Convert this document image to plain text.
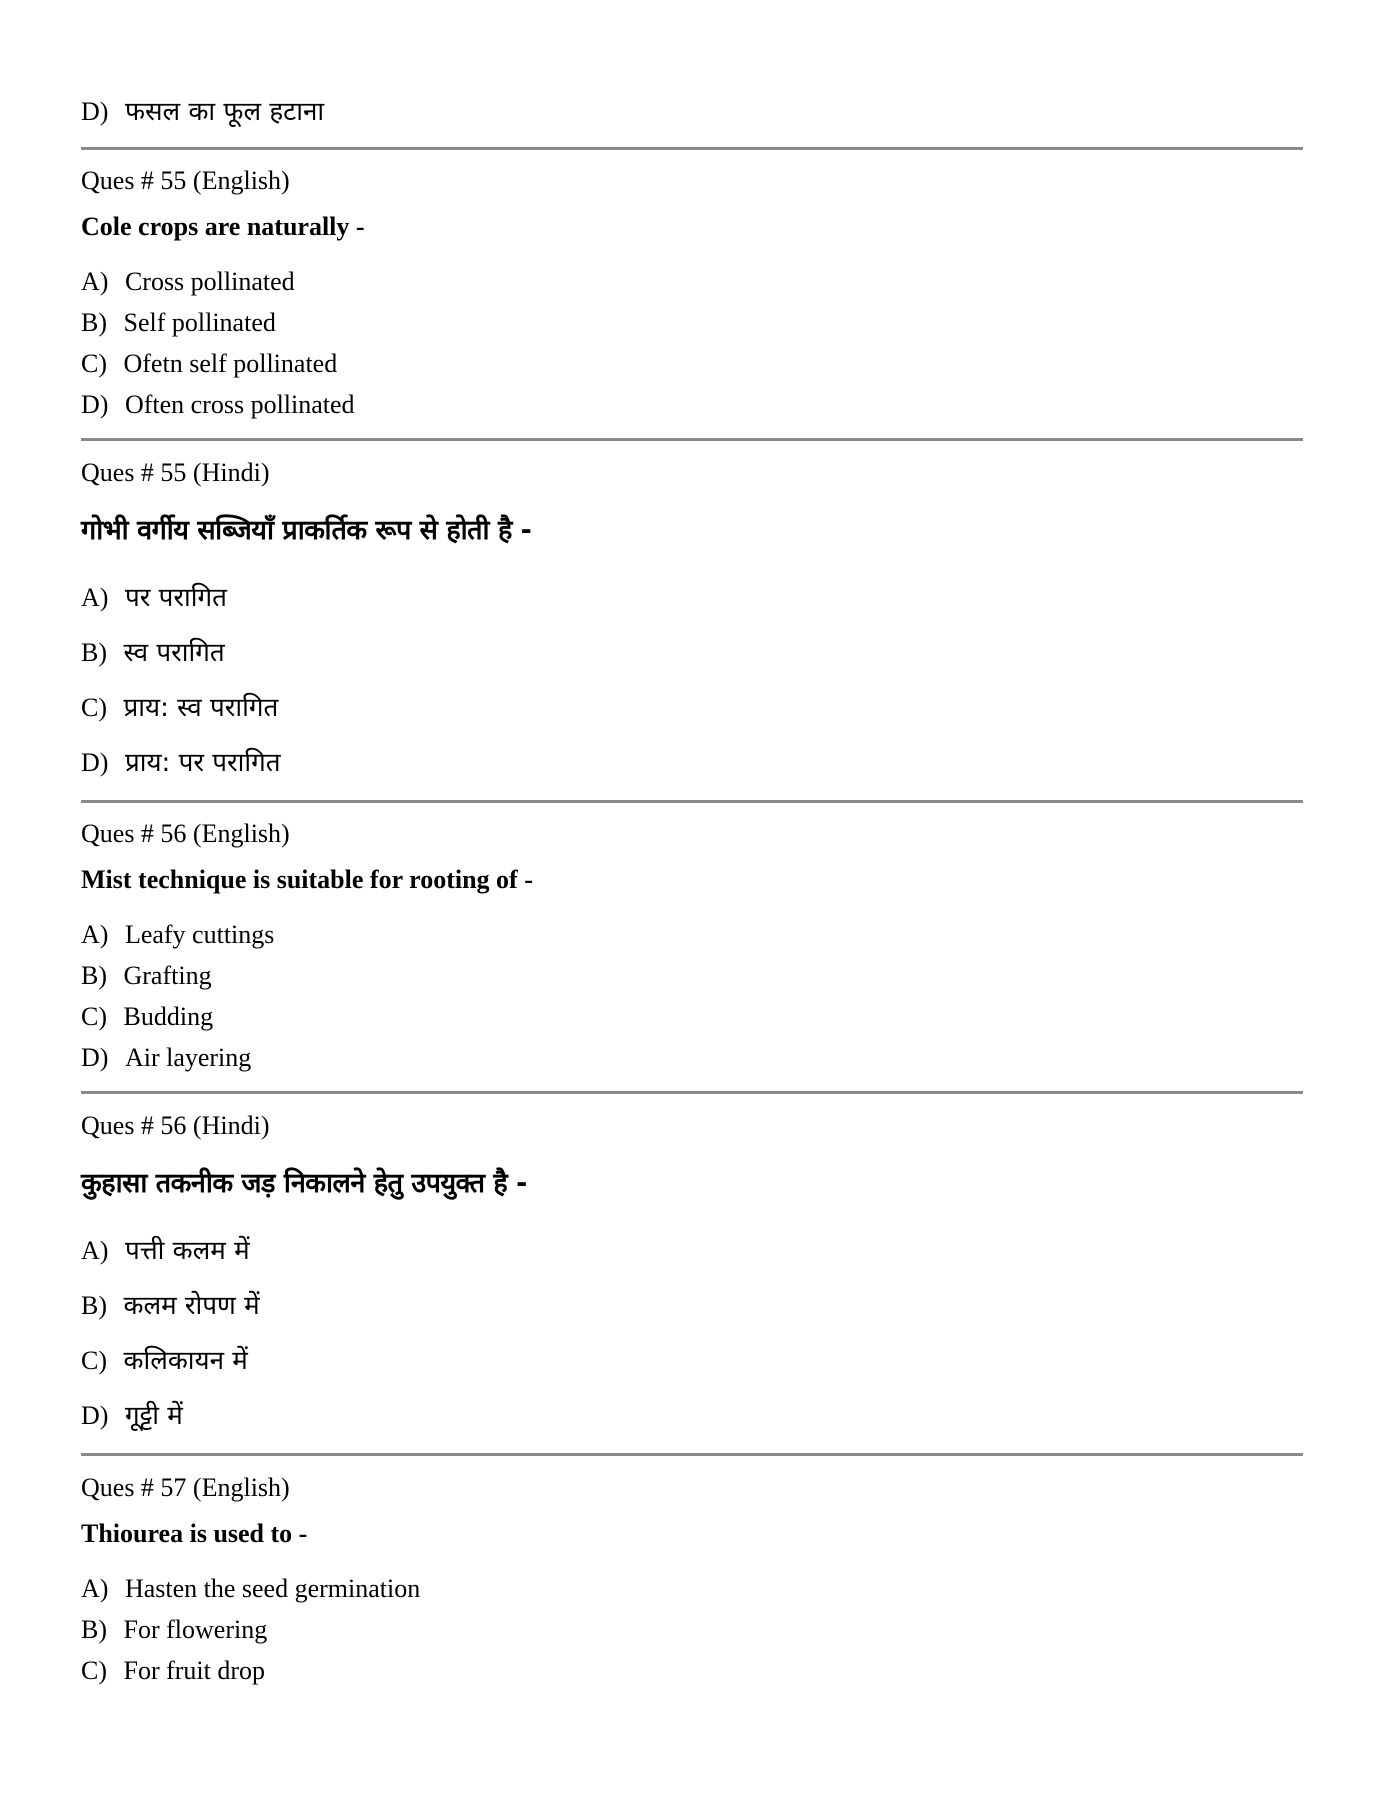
D) फसल का फूल हटाना
Ques # 55 (English)
Cole crops are naturally -
A) Cross pollinated
B) Self pollinated
C) Ofetn self pollinated
D) Often cross pollinated
Ques # 55 (Hindi)
गोभी वर्गीय सब्जियाँ प्राकर्तिक रूप से होती है -
A) पर परागित
B) स्व परागित
C) प्राय: स्व परागित
D) प्राय: पर परागित
Ques # 56 (English)
Mist technique is suitable for rooting of -
A) Leafy cuttings
B) Grafting
C) Budding
D) Air layering
Ques # 56 (Hindi)
कुहासा तकनीक जड़ निकालने हेतु उपयुक्त है -
A) पत्ती कलम में
B) कलम रोपण में
C) कलिकायन में
D) गूट्टी में
Ques # 57 (English)
Thiourea is used to -
A) Hasten the seed germination
B) For flowering
C) For fruit drop
